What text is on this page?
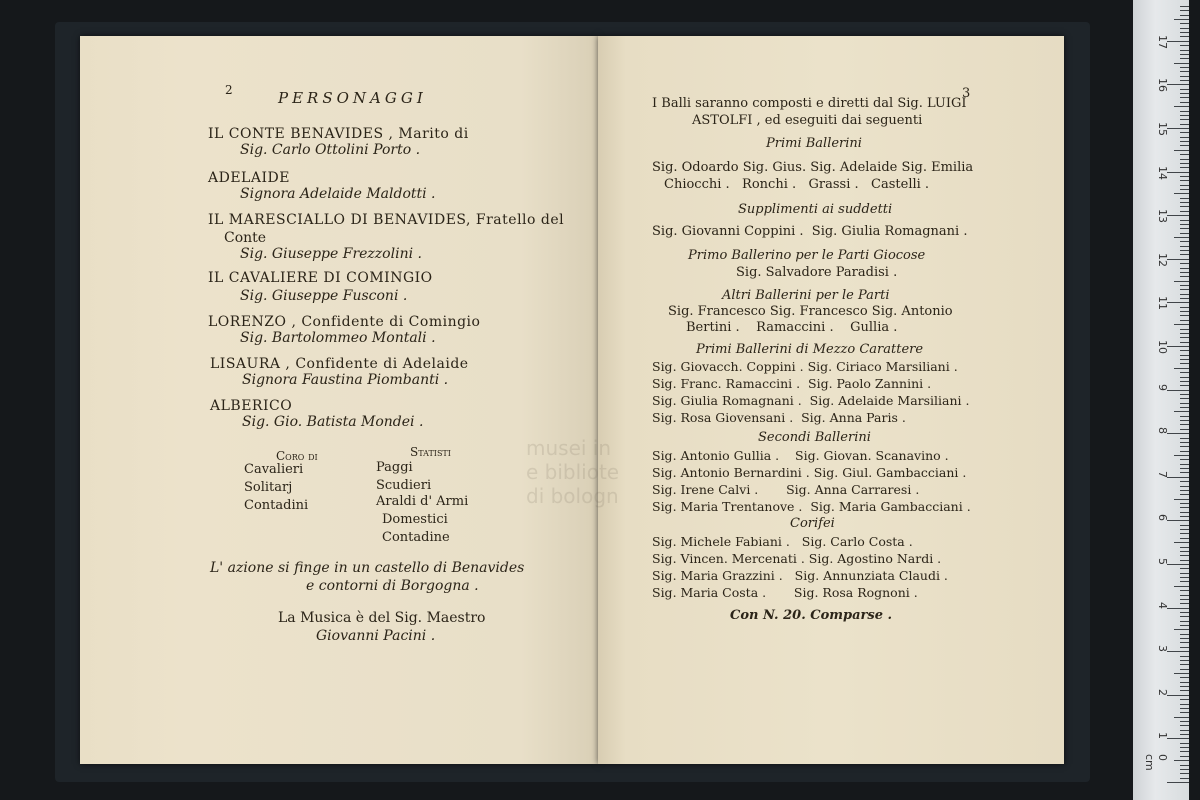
2	PERSONAGGI
IL CONTE BENAVIDES , Marito di
Sig. Carlo Ottolini Porto .
ADELAIDE
Signora Adelaide Maldotti .
IL MARESCIALLO DI BENAVIDES, Fratello del
Conte
Sig. Giuseppe Frezzolini .
IL CAVALIERE DI COMINGIO
Sig. Giuseppe Fusconi .
LORENZO , Confidente di Comingio
Sig. Bartolommeo Montali .
LISAURA , Confidente di Adelaide
Signora Faustina Piombanti .
ALBERICO
Sig. Gio. Batista Mondei .
Coro di	Statisti
Cavalieri
Solitarj
Contadini
Paggi
Scudieri
Araldi d' Armi
Domestici
Contadine
L' azione si finge in un castello di Benavides
e contorni di Borgogna .
La Musica è del Sig. Maestro
Giovanni Pacini .
3
I Balli saranno composti e diretti dal Sig. LUIGI
ASTOLFI , ed eseguiti dai seguenti
Primi Ballerini
Sig. Odoardo Sig. Gius. Sig. Adelaide Sig. Emilia
Chiocchi .   Ronchi .   Grassi .   Castelli .
Supplimenti ai suddetti
Sig. Giovanni Coppini .  Sig. Giulia Romagnani .
Primo Ballerino per le Parti Giocose
Sig. Salvadore Paradisi .
Altri Ballerini per le Parti
Sig. Francesco Sig. Francesco Sig. Antonio
Bertini .    Ramaccini .    Gullia .
Primi Ballerini di Mezzo Carattere
Sig. Giovacch. Coppini . Sig. Ciriaco Marsiliani .
Sig. Franc. Ramaccini .  Sig. Paolo Zannini .
Sig. Giulia Romagnani .  Sig. Adelaide Marsiliani .
Sig. Rosa Giovensani .  Sig. Anna Paris .
Secondi Ballerini
Sig. Antonio Gullia .    Sig. Giovan. Scanavino .
Sig. Antonio Bernardini . Sig. Giul. Gambacciani .
Sig. Irene Calvi .       Sig. Anna Carraresi .
Sig. Maria Trentanove .  Sig. Maria Gambacciani .
Corifei
Sig. Michele Fabiani .   Sig. Carlo Costa .
Sig. Vincen. Mercenati . Sig. Agostino Nardi .
Sig. Maria Grazzini .   Sig. Annunziata Claudi .
Sig. Maria Costa .       Sig. Rosa Rognoni .
Con N. 20. Comparse .
musei in
e bibliote
di bologn
0 cm
1
2
3
4
5
6
7
8
9
10
11
12
13
14
15
16
17
